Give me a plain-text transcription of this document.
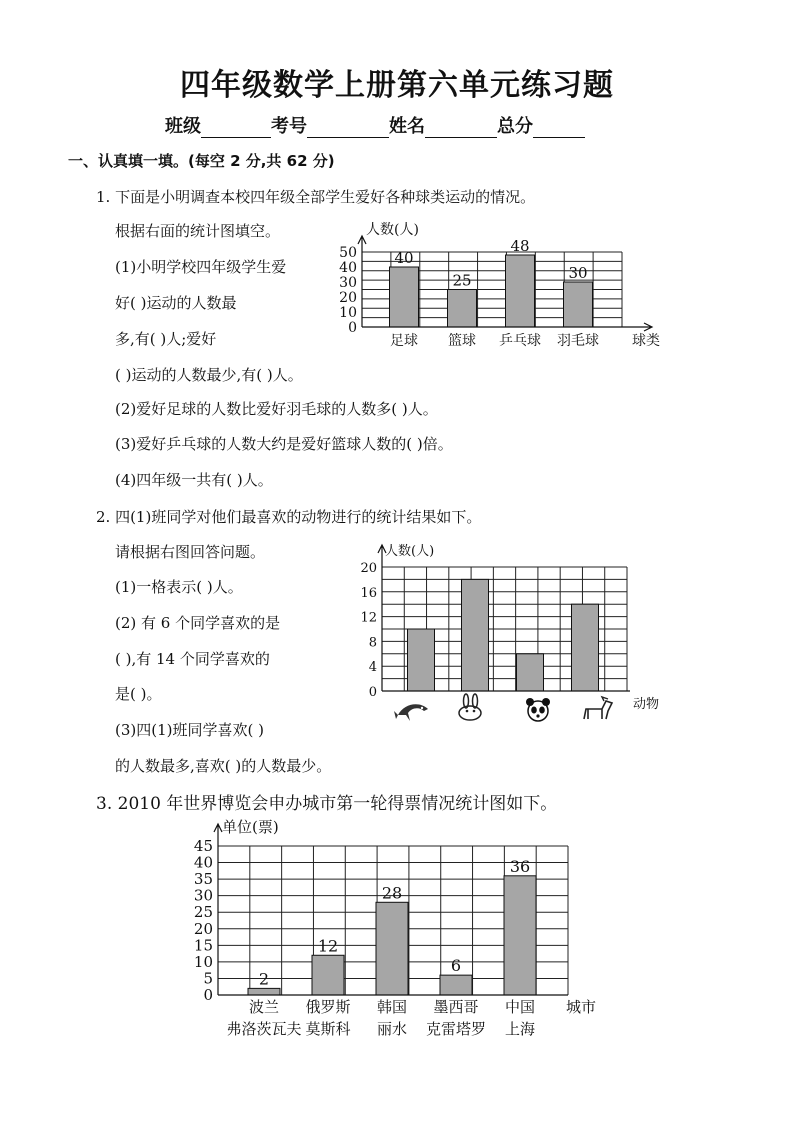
四年级数学上册第六单元练习题
班级	考号	姓名	总分
一、认真填一填。(每空 2 分,共 62 分)
1. 下面是小明调查本校四年级全部学生爱好各种球类运动的情况。
根据右面的统计图填空。
(1)小明学校四年级学生爱
好( )运动的人数最
多,有( )人;爱好
( )运动的人数最少,有( )人。
(2)爱好足球的人数比爱好羽毛球的人数多( )人。
(3)爱好乒乓球的人数大约是爱好篮球人数的( )倍。
(4)四年级一共有( )人。
2. 四(1)班同学对他们最喜欢的动物进行的统计结果如下。
请根据右图回答问题。
(1)一格表示( )人。
(2) 有 6 个同学喜欢的是
( ),有 14 个同学喜欢的
是( )。
(3)四(1)班同学喜欢( )
的人数最多,喜欢( )的人数最少。
3. 2010 年世界博览会申办城市第一轮得票情况统计图如下。
0
10
20
30
40
50 40
25
48
30
足球 篮球 乒乓球 羽毛球
人数(人)
球类
0
4
8
12
16
20
人数(人)
动物
0
5
10
15
20
25
30
35
40
45
2
12
28
6
36
波兰 俄罗斯 韩国 墨西哥 中国
弗洛茨瓦夫 莫斯科 丽水 克雷塔罗 上海
单位(票)
城市
